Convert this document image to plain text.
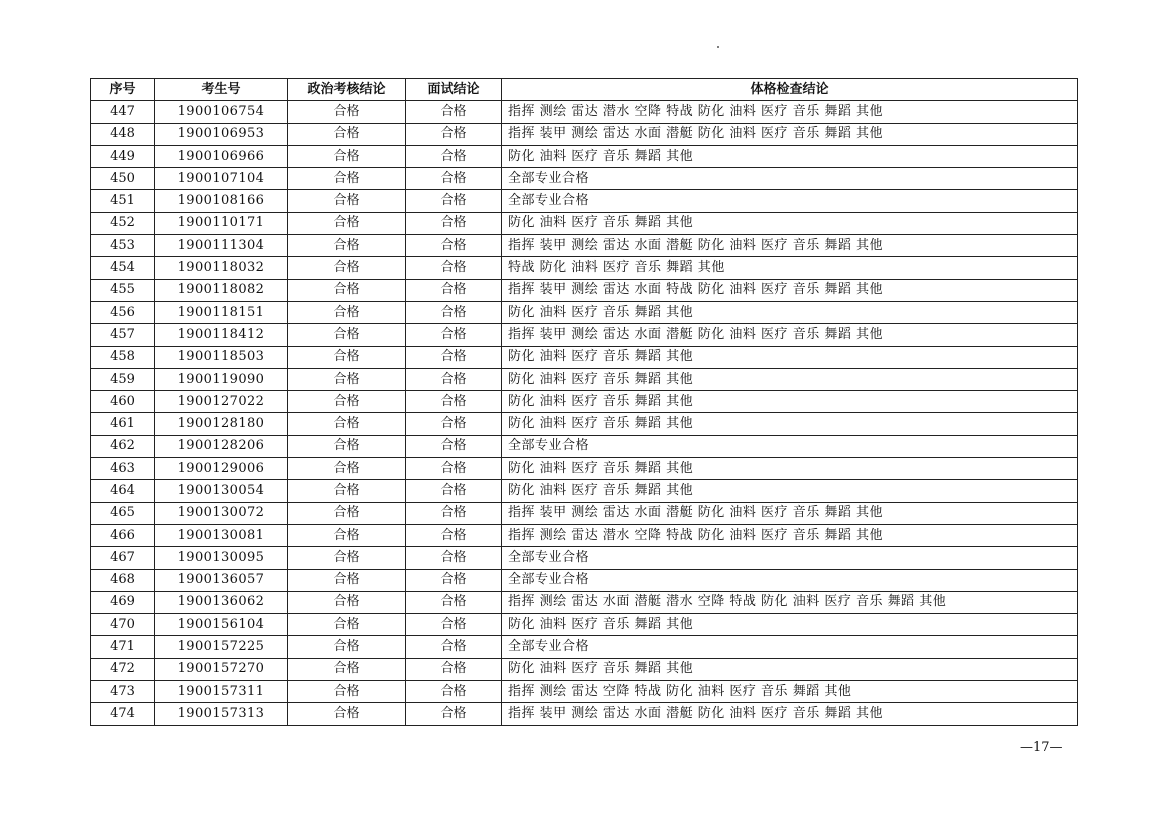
序号	考生号	政治考核结论	面试结论	体格检查结论
447	1900106754	合格	合格	指挥 测绘 雷达 潜水 空降 特战 防化 油料 医疗 音乐 舞蹈 其他
448	1900106953	合格	合格	指挥 装甲 测绘 雷达 水面 潜艇 防化 油料 医疗 音乐 舞蹈 其他
449	1900106966	合格	合格	防化 油料 医疗 音乐 舞蹈 其他
450	1900107104	合格	合格	全部专业合格
451	1900108166	合格	合格	全部专业合格
452	1900110171	合格	合格	防化 油料 医疗 音乐 舞蹈 其他
453	1900111304	合格	合格	指挥 装甲 测绘 雷达 水面 潜艇 防化 油料 医疗 音乐 舞蹈 其他
454	1900118032	合格	合格	特战 防化 油料 医疗 音乐 舞蹈 其他
455	1900118082	合格	合格	指挥 装甲 测绘 雷达 水面 特战 防化 油料 医疗 音乐 舞蹈 其他
456	1900118151	合格	合格	防化 油料 医疗 音乐 舞蹈 其他
457	1900118412	合格	合格	指挥 装甲 测绘 雷达 水面 潜艇 防化 油料 医疗 音乐 舞蹈 其他
458	1900118503	合格	合格	防化 油料 医疗 音乐 舞蹈 其他
459	1900119090	合格	合格	防化 油料 医疗 音乐 舞蹈 其他
460	1900127022	合格	合格	防化 油料 医疗 音乐 舞蹈 其他
461	1900128180	合格	合格	防化 油料 医疗 音乐 舞蹈 其他
462	1900128206	合格	合格	全部专业合格
463	1900129006	合格	合格	防化 油料 医疗 音乐 舞蹈 其他
464	1900130054	合格	合格	防化 油料 医疗 音乐 舞蹈 其他
465	1900130072	合格	合格	指挥 装甲 测绘 雷达 水面 潜艇 防化 油料 医疗 音乐 舞蹈 其他
466	1900130081	合格	合格	指挥 测绘 雷达 潜水 空降 特战 防化 油料 医疗 音乐 舞蹈 其他
467	1900130095	合格	合格	全部专业合格
468	1900136057	合格	合格	全部专业合格
469	1900136062	合格	合格	指挥 测绘 雷达 水面 潜艇 潜水 空降 特战 防化 油料 医疗 音乐 舞蹈 其他
470	1900156104	合格	合格	防化 油料 医疗 音乐 舞蹈 其他
471	1900157225	合格	合格	全部专业合格
472	1900157270	合格	合格	防化 油料 医疗 音乐 舞蹈 其他
473	1900157311	合格	合格	指挥 测绘 雷达 空降 特战 防化 油料 医疗 音乐 舞蹈 其他
474	1900157313	合格	合格	指挥 装甲 测绘 雷达 水面 潜艇 防化 油料 医疗 音乐 舞蹈 其他
—17—
